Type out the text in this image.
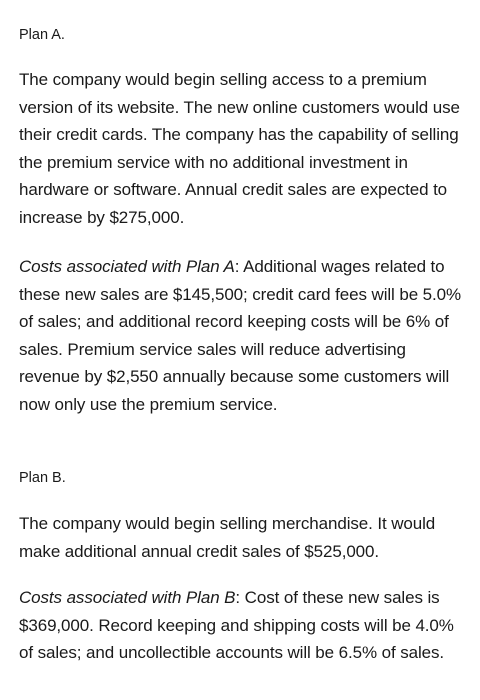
Plan A.

The company would begin selling access to a premium version of its website. The new online customers would use their credit cards. The company has the capability of selling the premium service with no additional investment in hardware or software. Annual credit sales are expected to increase by $275,000.

Costs associated with Plan A: Additional wages related to these new sales are $145,500; credit card fees will be 5.0% of sales; and additional record keeping costs will be 6% of sales. Premium service sales will reduce advertising revenue by $2,550 annually because some customers will now only use the premium service.

Plan B.

The company would begin selling merchandise. It would make additional annual credit sales of $525,000.

Costs associated with Plan B: Cost of these new sales is $369,000. Record keeping and shipping costs will be 4.0% of sales; and uncollectible accounts will be 6.5% of sales.
